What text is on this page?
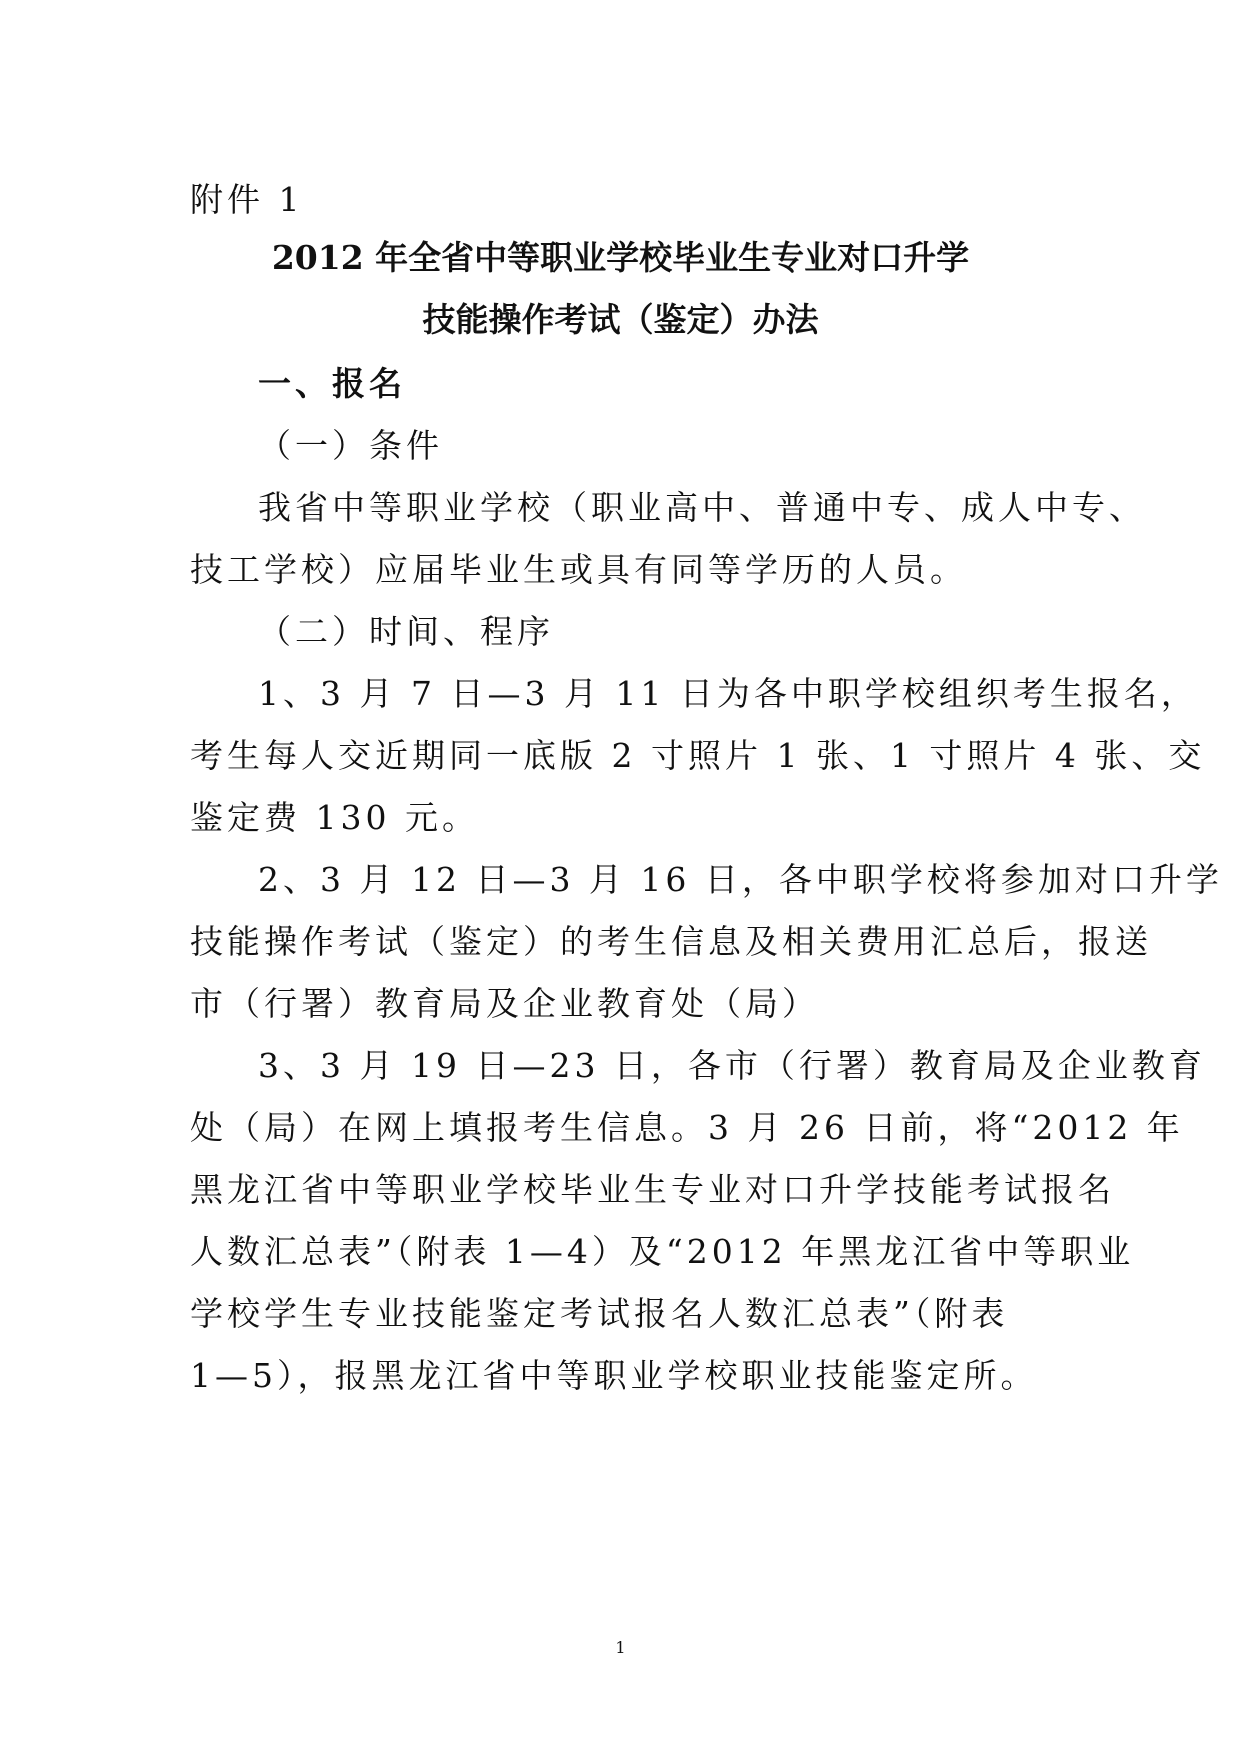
附件 1
2012 年全省中等职业学校毕业生专业对口升学
技能操作考试（鉴定）办法
一、报名
（一）条件
我省中等职业学校（职业高中、普通中专、成人中专、
技工学校）应届毕业生或具有同等学历的人员。
（二）时间、程序
1、3 月 7 日—3 月 11 日为各中职学校组织考生报名，
考生每人交近期同一底版 2 寸照片 1 张、1 寸照片 4 张、交
鉴定费 130 元。
2、3 月 12 日—3 月 16 日，各中职学校将参加对口升学
技能操作考试（鉴定）的考生信息及相关费用汇总后，报送
市（行署）教育局及企业教育处（局）
3、3 月 19 日—23 日，各市（行署）教育局及企业教育
处（局）在网上填报考生信息。3 月 26 日前，将“2012 年
黑龙江省中等职业学校毕业生专业对口升学技能考试报名
人数汇总表”（附表 1—4）及“2012 年黑龙江省中等职业
学校学生专业技能鉴定考试报名人数汇总表”（附表
1—5），报黑龙江省中等职业学校职业技能鉴定所。
1
